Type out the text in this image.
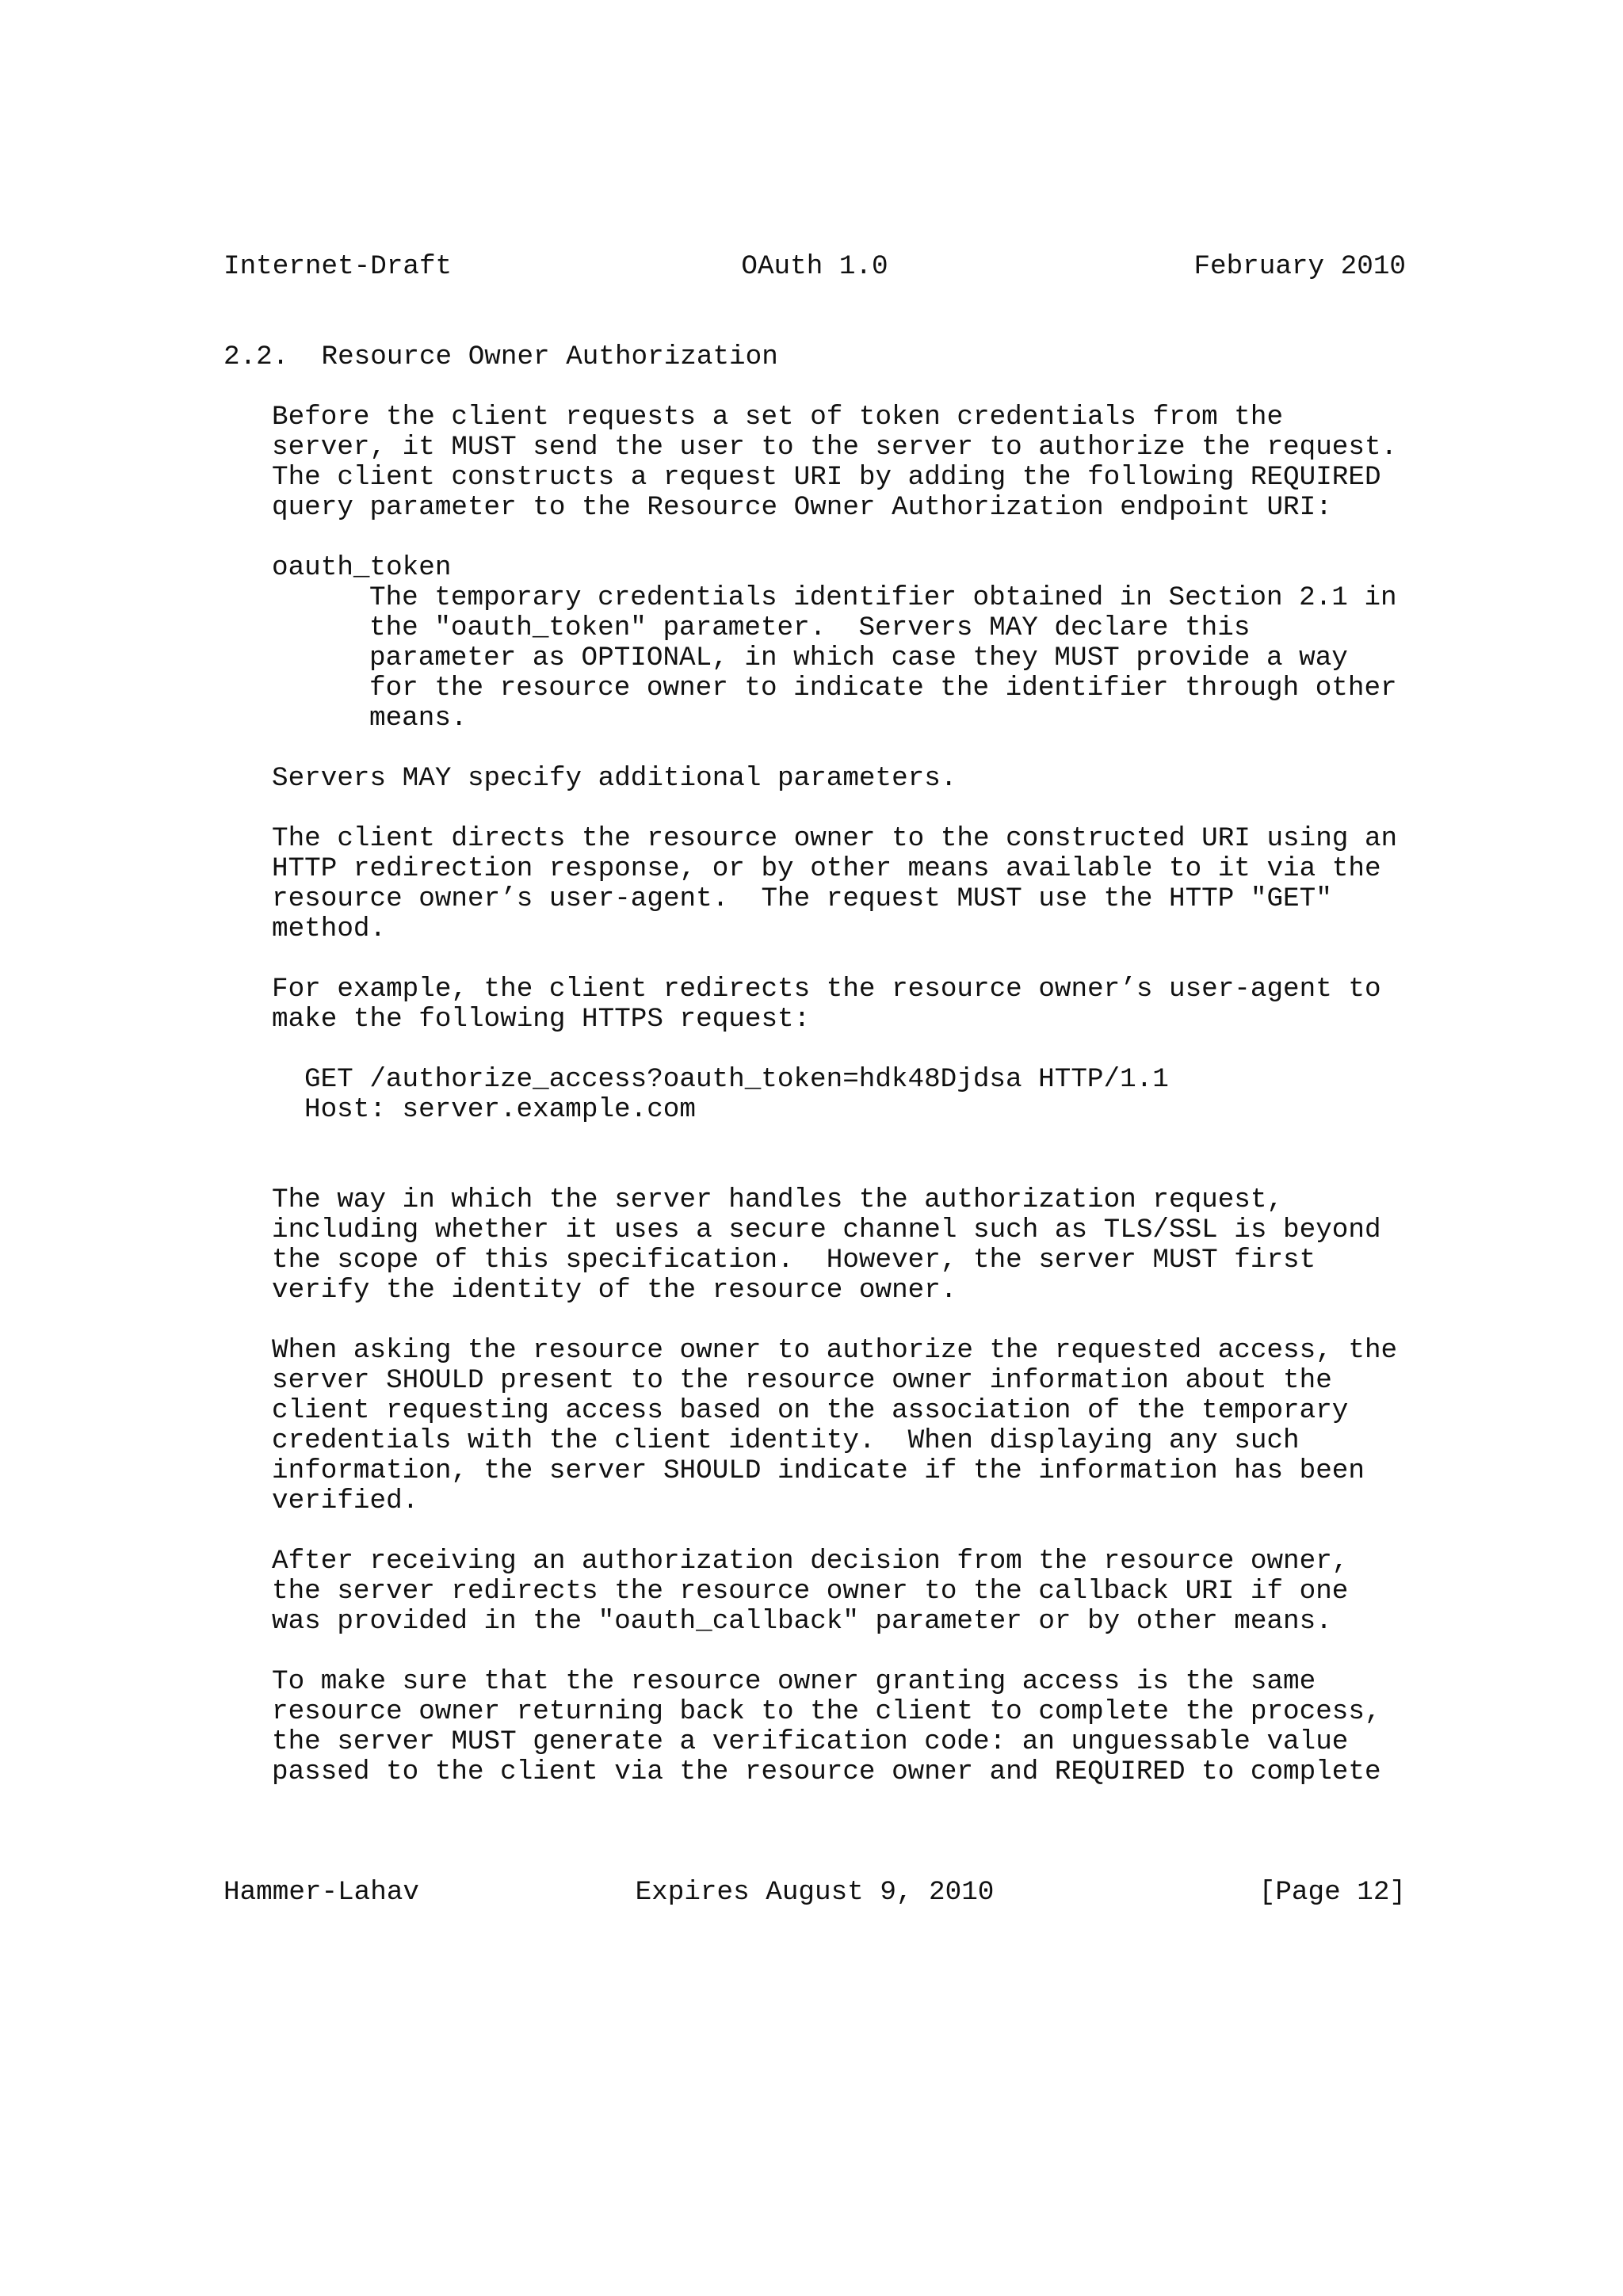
Internet-Draft

	OAuth 1.0

	February 2010

2.2.  Resource Owner Authorization
Before the client requests a set of token credentials from the
server, it MUST send the user to the server to authorize the request.
The client constructs a request URI by adding the following REQUIRED
query parameter to the Resource Owner Authorization endpoint URI:
oauth_token
The temporary credentials identifier obtained in Section 2.1 in
the "oauth_token" parameter.  Servers MAY declare this
parameter as OPTIONAL, in which case they MUST provide a way
for the resource owner to indicate the identifier through other
means.
Servers MAY specify additional parameters.
The client directs the resource owner to the constructed URI using an
HTTP redirection response, or by other means available to it via the
resource owner’s user-agent.  The request MUST use the HTTP "GET"
method.
For example, the client redirects the resource owner’s user-agent to
make the following HTTPS request:
GET /authorize_access?oauth_token=hdk48Djdsa HTTP/1.1
Host: server.example.com
The way in which the server handles the authorization request,
including whether it uses a secure channel such as TLS/SSL is beyond
the scope of this specification.  However, the server MUST first
verify the identity of the resource owner.
When asking the resource owner to authorize the requested access, the
server SHOULD present to the resource owner information about the
client requesting access based on the association of the temporary
credentials with the client identity.  When displaying any such
information, the server SHOULD indicate if the information has been
verified.
After receiving an authorization decision from the resource owner,
the server redirects the resource owner to the callback URI if one
was provided in the "oauth_callback" parameter or by other means.
To make sure that the resource owner granting access is the same
resource owner returning back to the client to complete the process,
the server MUST generate a verification code: an unguessable value
passed to the client via the resource owner and REQUIRED to complete

Hammer-Lahav

	Expires August 9, 2010

	[Page 12]
